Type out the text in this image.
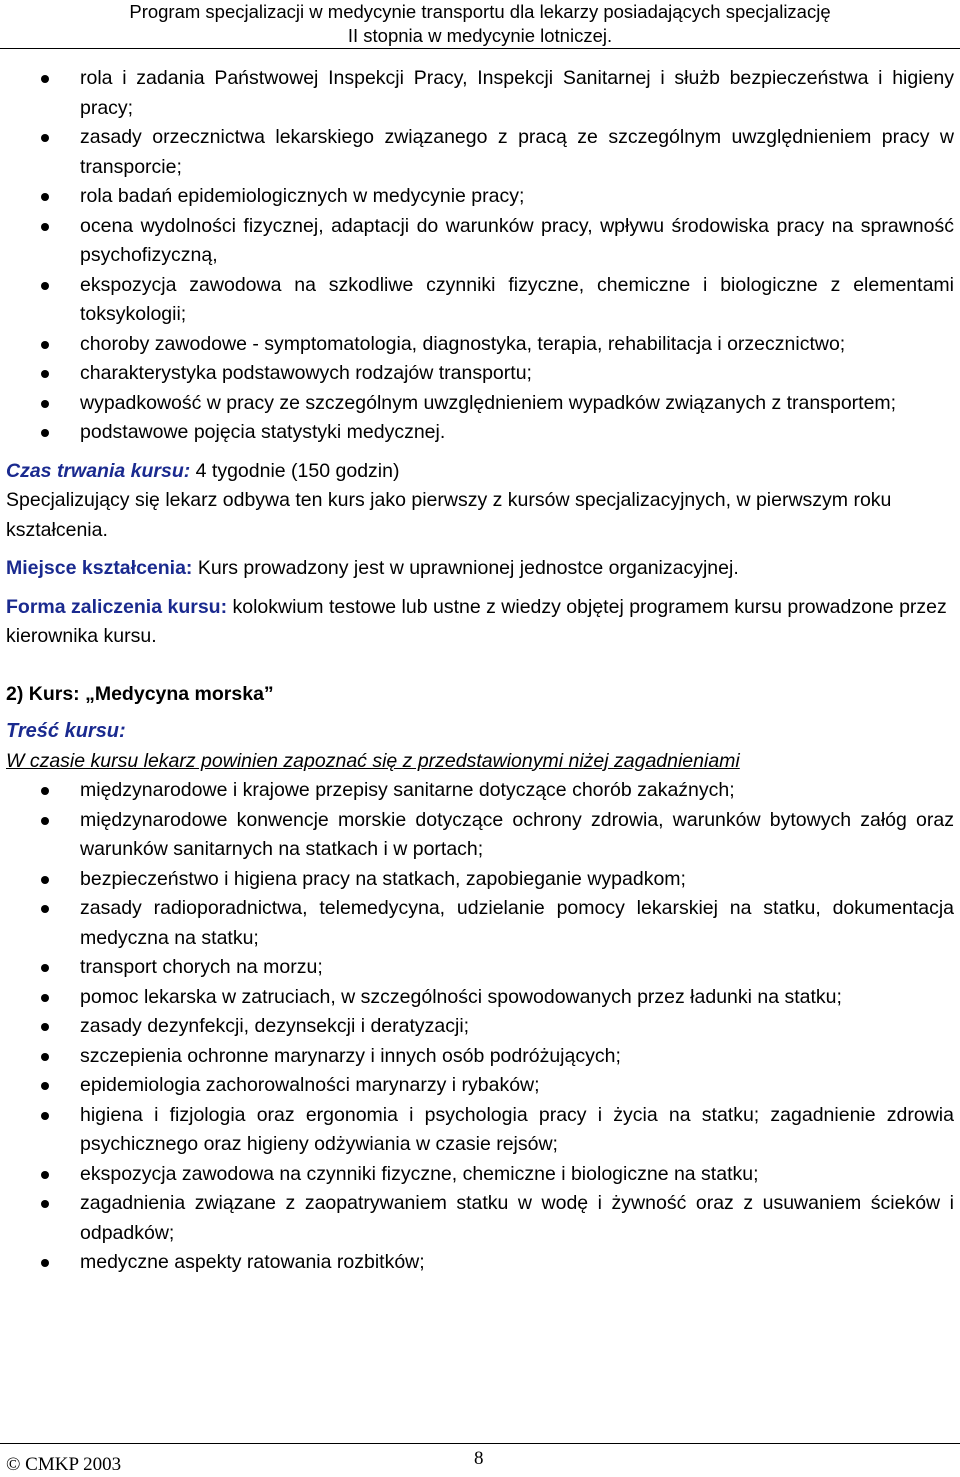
Program specjalizacji w medycynie transportu dla lekarzy posiadających specjalizację
II stopnia w medycynie lotniczej.
rola i zadania Państwowej Inspekcji Pracy, Inspekcji Sanitarnej i służb bezpieczeństwa i higieny pracy;
zasady orzecznictwa lekarskiego związanego z pracą ze szczególnym uwzględnieniem pracy w transporcie;
rola badań epidemiologicznych w medycynie pracy;
ocena wydolności fizycznej, adaptacji do warunków pracy, wpływu środowiska pracy na sprawność psychofizyczną,
ekspozycja zawodowa na szkodliwe czynniki fizyczne, chemiczne i biologiczne z elementami toksykologii;
choroby zawodowe - symptomatologia, diagnostyka, terapia, rehabilitacja i orzecznictwo;
charakterystyka podstawowych rodzajów transportu;
wypadkowość w pracy ze szczególnym uwzględnieniem wypadków związanych z transportem;
podstawowe pojęcia statystyki medycznej.

Czas trwania kursu: 4 tygodnie (150 godzin)

Specjalizujący się lekarz odbywa ten kurs jako pierwszy z kursów specjalizacyjnych, w pierwszym roku kształcenia.

Miejsce kształcenia: Kurs prowadzony jest w uprawnionej jednostce organizacyjnej.

Forma zaliczenia kursu: kolokwium testowe lub ustne z wiedzy objętej programem kursu prowadzone przez kierownika kursu.

2) Kurs: „Medycyna morska”

Treść kursu:

W czasie kursu lekarz powinien zapoznać się z przedstawionymi niżej zagadnieniami

międzynarodowe i krajowe przepisy sanitarne dotyczące chorób zakaźnych;
międzynarodowe konwencje morskie dotyczące ochrony zdrowia, warunków bytowych załóg oraz warunków sanitarnych na statkach i w portach;
bezpieczeństwo i higiena pracy na statkach, zapobieganie wypadkom;
zasady radioporadnictwa, telemedycyna, udzielanie pomocy lekarskiej na statku, dokumentacja medyczna na statku;
transport chorych na morzu;
pomoc lekarska w zatruciach, w szczególności spowodowanych przez ładunki na statku;
zasady dezynfekcji, dezynsekcji i deratyzacji;
szczepienia ochronne marynarzy i innych osób podróżujących;
epidemiologia zachorowalności marynarzy i rybaków;
higiena i fizjologia oraz ergonomia i psychologia pracy i życia na statku; zagadnienie zdrowia psychicznego oraz higieny odżywiania w czasie rejsów;
ekspozycja zawodowa na czynniki fizyczne, chemiczne i biologiczne na statku;
zagadnienia związane z zaopatrywaniem statku w wodę i żywność oraz z usuwaniem ścieków i odpadków;
medyczne aspekty ratowania rozbitków;
© CMKP 2003	8
